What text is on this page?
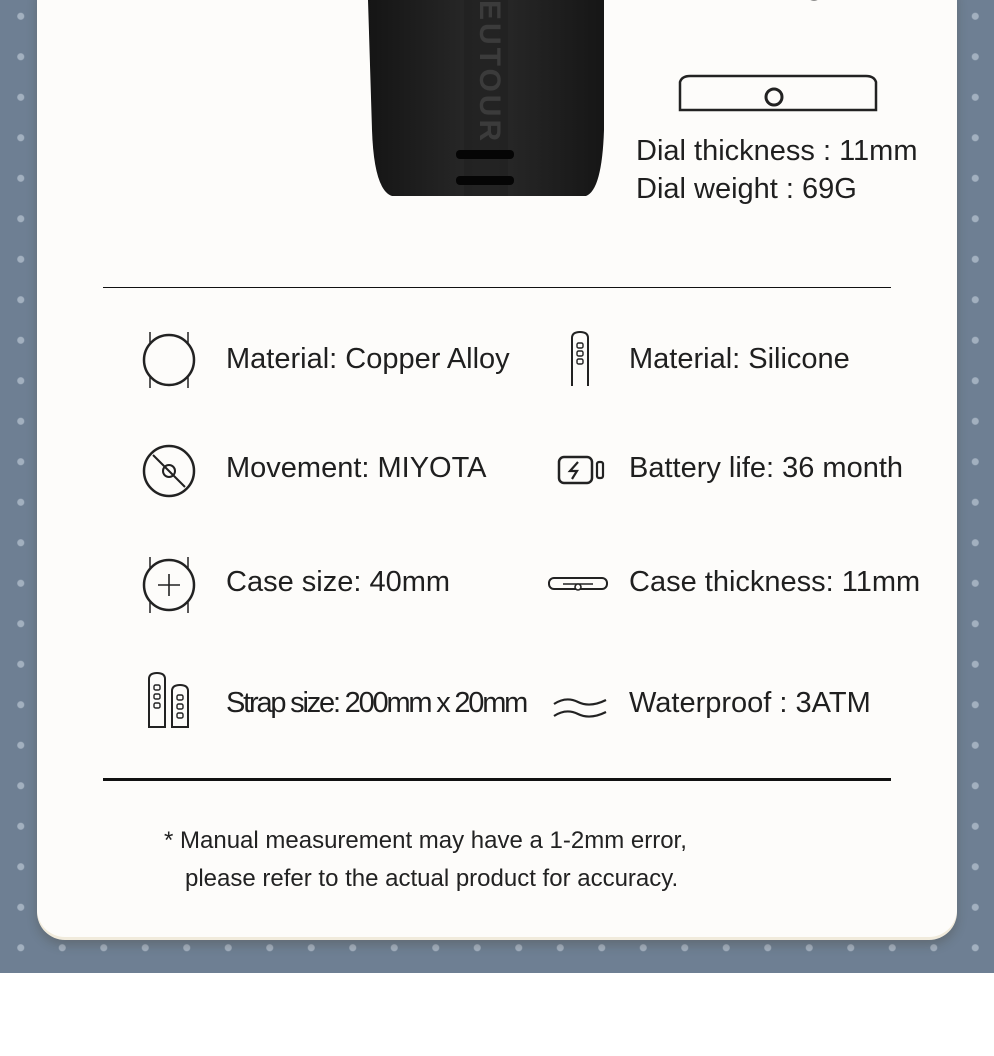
EUTOUR
Dial thickness : 11mm
Dial weight : 69G
Material: Copper Alloy	Material: Silicone
Movement: MIYOTA	Battery life: 36 month
Case size: 40mm	Case thickness: 11mm
Strap size: 200mm x 20mm	Waterproof : 3ATM
* Manual measurement may have a 1-2mm error,
please refer to the actual product for accuracy.
